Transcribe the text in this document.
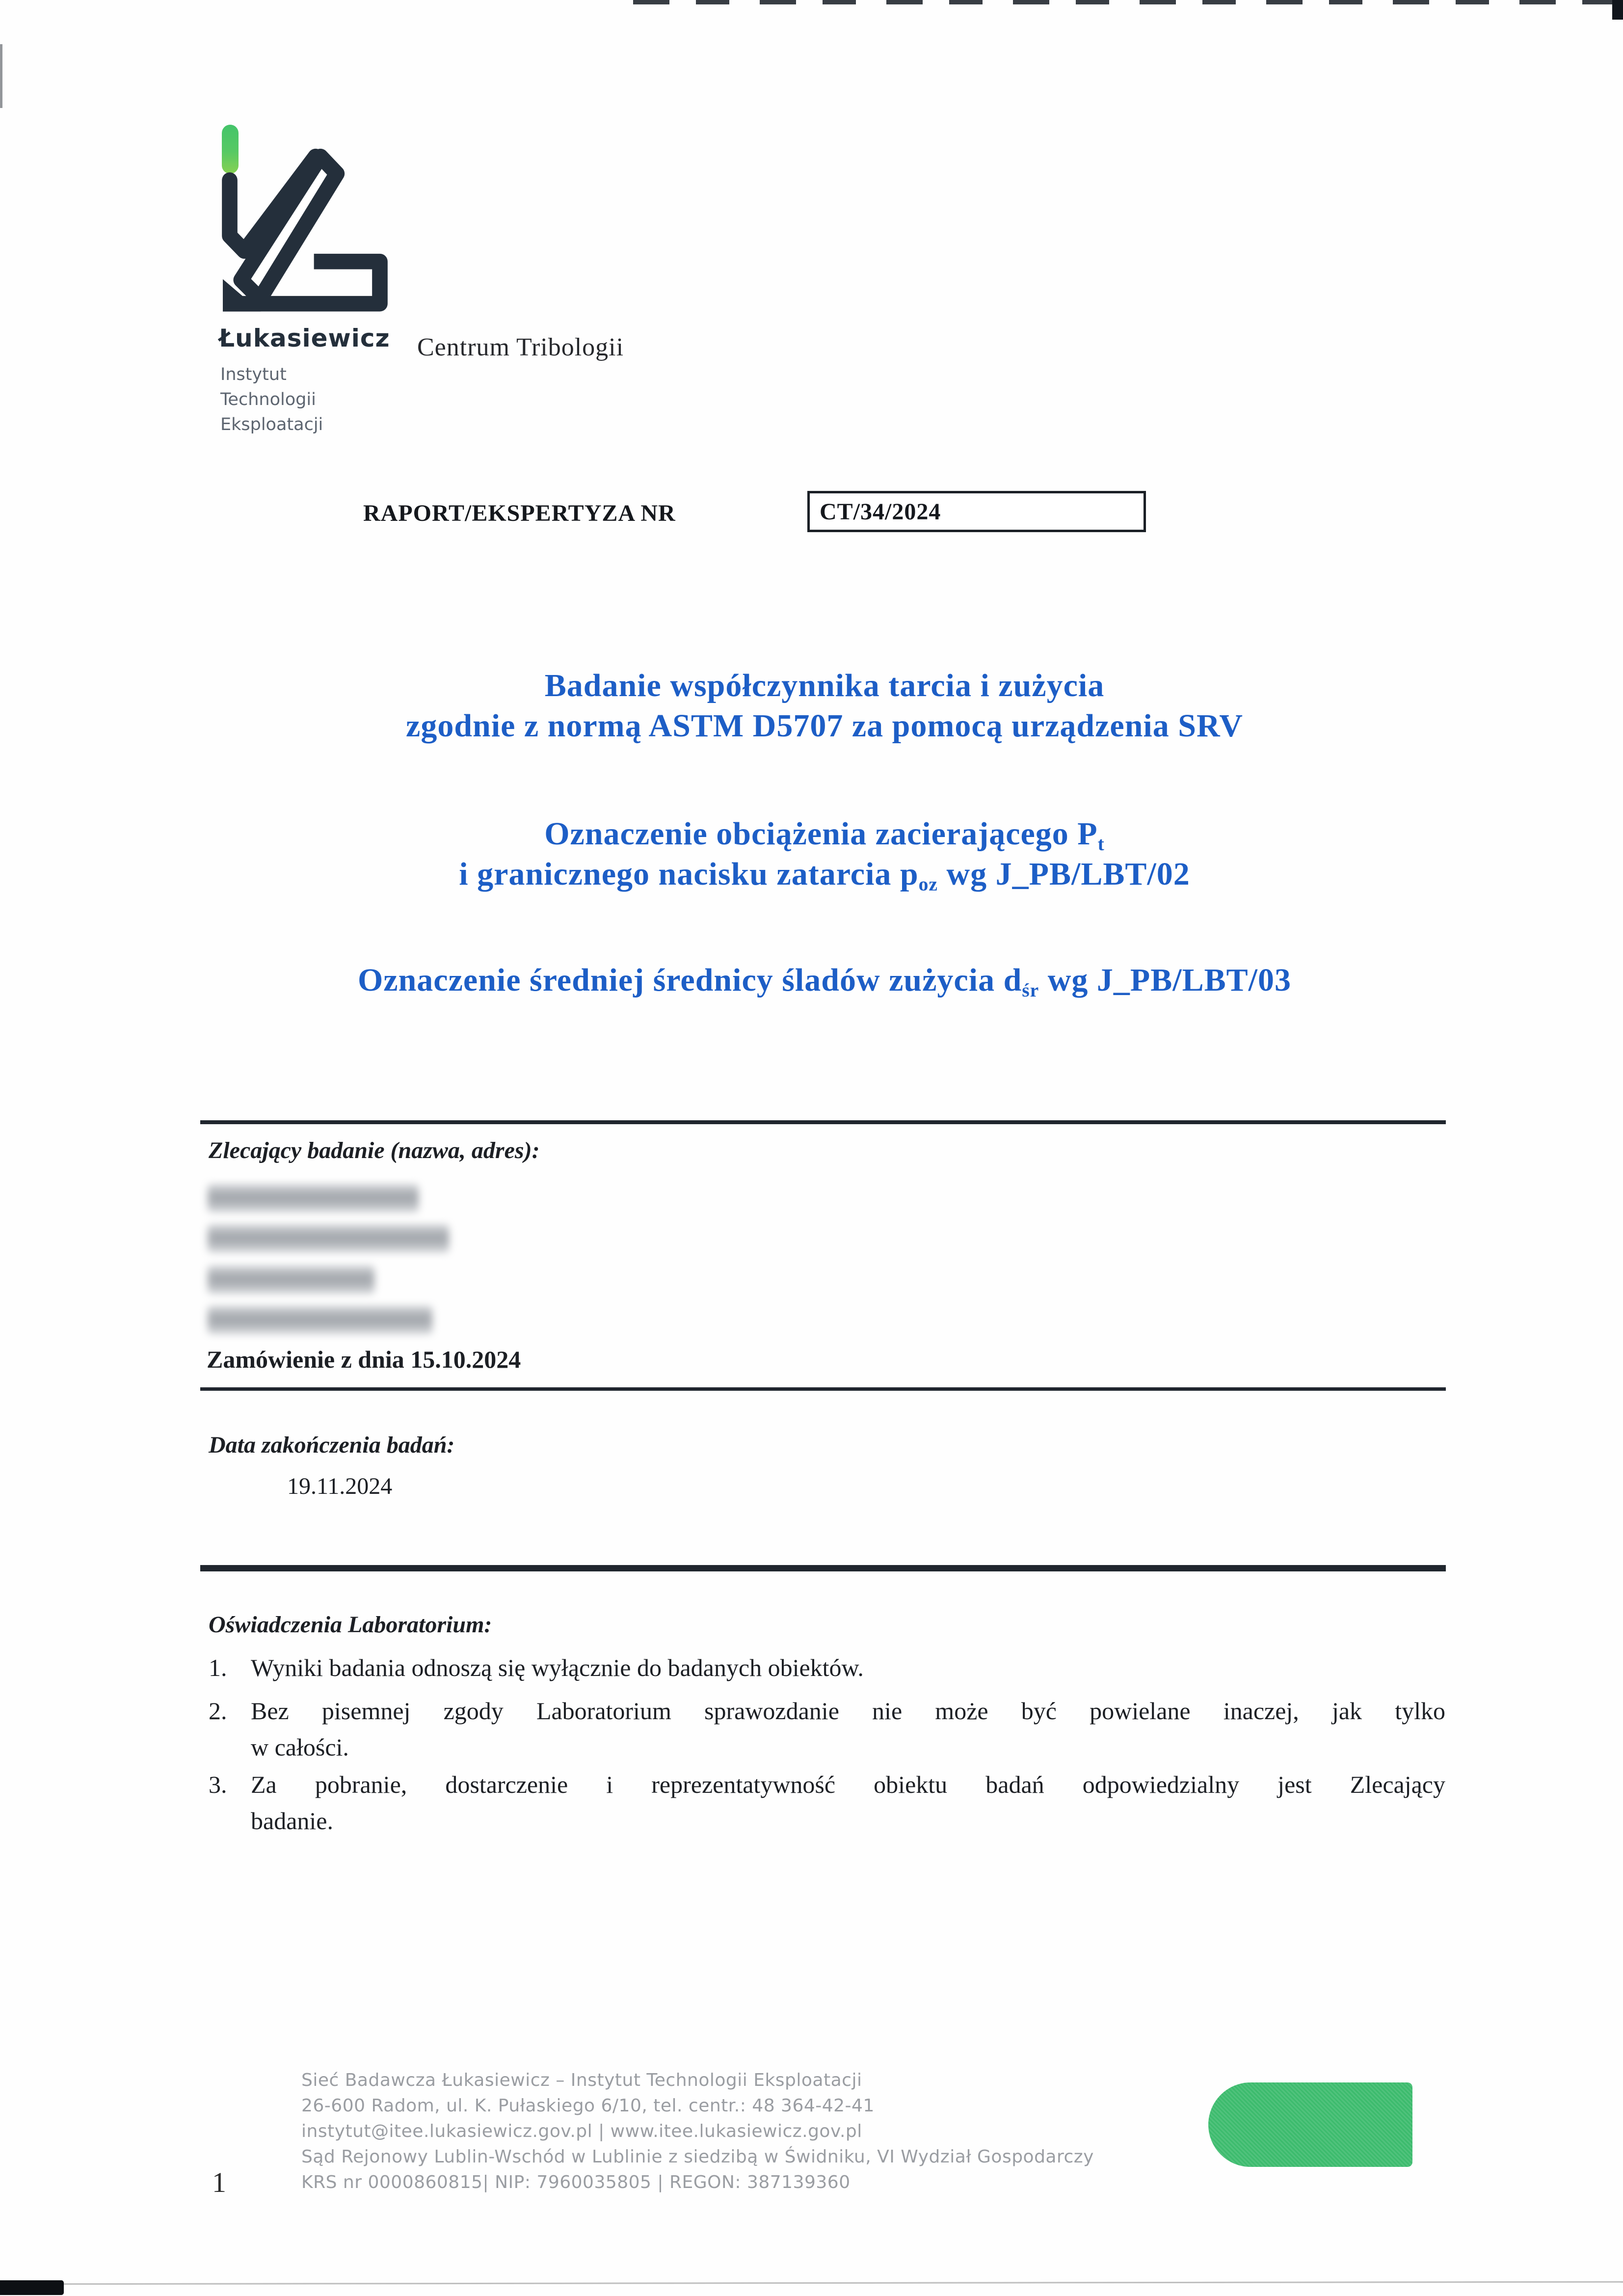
Łukasiewicz
Instytut
Technologii
Eksploatacji
Centrum Tribologii
RAPORT/EKSPERTYZA NR	CT/34/2024
Badanie współczynnika tarcia i zużycia
zgodnie z normą ASTM D5707 za pomocą urządzenia SRV
Oznaczenie obciążenia zacierającego $P_t$
i granicznego nacisku zatarcia $p_{oz}$ wg J_PB/LBT/02
Oznaczenie średniej średnicy śladów zużycia $d_{śr}$ wg J_PB/LBT/03
Zlecający badanie (nazwa, adres):
Zamówienie z dnia 15.10.2024
Data zakończenia badań:
19.11.2024
Oświadczenia Laboratorium:
1. Wyniki badania odnoszą się wyłącznie do badanych obiektów.
2. Bez pisemnej zgody Laboratorium sprawozdanie nie może być powielane inaczej, jak tylko
w całości.
3. Za pobranie, dostarczenie i reprezentatywność obiektu badań odpowiedzialny jest Zlecający
badanie.
Sieć Badawcza Łukasiewicz – Instytut Technologii Eksploatacji
26-600 Radom, ul. K. Pułaskiego 6/10, tel. centr.: 48 364-42-41
instytut@itee.lukasiewicz.gov.pl | www.itee.lukasiewicz.gov.pl
Sąd Rejonowy Lublin-Wschód w Lublinie z siedzibą w Świdniku, VI Wydział Gospodarczy
KRS nr 0000860815| NIP: 7960035805 | REGON: 387139360
1
